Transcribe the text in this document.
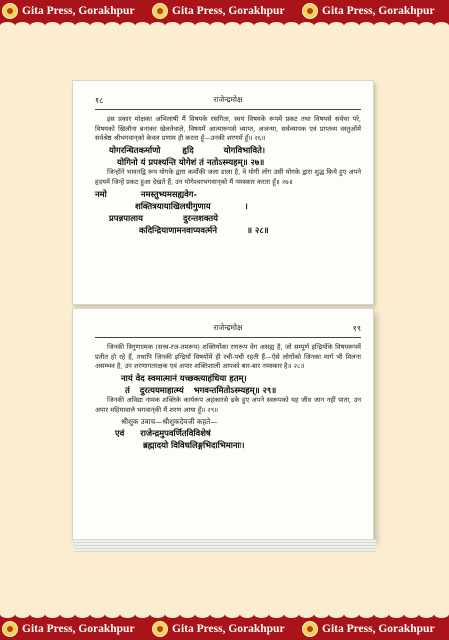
Gita Press, Gorakhpur	Gita Press, Gorakhpur	Gita Press, Gorakhpur
१८	राजेन्द्रमोक्ष

इस प्रकार मोक्षका अभिलाषी मैं विषयके रसगिता, स्वयं विषयके रूपमें प्रकट तथा विषयसे सर्वथा परे, विषयको खिलौना बनाकर खेलतेवाले, विषयमें आत्मारूपसे व्याप्त, अजन्मा, सर्वव्यापक एवं प्राप्तव्य वस्तुओंमें सर्वश्रेष्ठ श्रीभगवान्‌को केवल प्रणाम ही करता हूँ—उनकी शरणमें हूँ॥ २६॥

योगरन्धितकर्माणो	हृदि	योगविभाविते।
योगिनो यं प्रपश्यन्ति योगेशं तं नतोऽस्म्यहम्॥ २७॥

जिन्होंने भावनद्वि रूप योगके द्वारा कर्मोंकी जला डाला है, वे योगी लोग उसी योगके द्वारा शुद्ध किये हुए अपने हृदयमें जिन्हें प्रकट हुआ देखते हैं, उन योगेश्वरभगवान्‌को मैं नमस्कार करता हूँ॥ २७॥

नमो	नमस्तुभ्यमसह्यवेग-
शक्तित्रयायाखिलधीगुणाय	।
प्रपन्नपालाय	दुरन्तशक्तये
कदिन्द्रियाणामनवाप्यवर्त्मने	॥ २८॥
राजेन्द्रमोक्ष	१९

जिनकी त्रिगुणात्मक (सत्त्व-रज-तमरूप) शक्तियोंका रागरूप वेग असह्य है, जो सम्पूर्ण इन्द्रियोंके विषयरूपमें प्रतीत हो रहे हैं, तथापि जिनकी इन्द्रियाँ विषयोंमें ही रची-पची रहती हैं—ऐसे लोगोंको जिनका मार्ग भी मिलना असम्भव है, उन शरणागतरक्षक एवं अपार शक्तिशाली आपको बार-बार नमस्कार है॥ २८॥

नायं वेद स्वमात्मानं यच्छक्त्याहंधिया हतम्।
तं दुरत्ययमाहात्म्यं भगवन्तमितोऽस्म्यहम्॥ २९॥

जिनकी अविद्या नामक शक्तिके कार्यरूप अहंकारसे ढके हुए अपने स्वरूपको यह जीव जान नहीं पाता, उन अपार महिमावाले भगवान्‌की मैं शरण आया हूँ॥ २९॥

श्रीशुक उवाच—श्रीशुकदेवजी कहते—
एवं राजेन्द्रमुपवर्णितविविशेषं
ब्रह्मादयो विविधलिङ्गभिदाभिमानाः।
Gita Press, Gorakhpur	Gita Press, Gorakhpur	Gita Press, Gorakhpur
